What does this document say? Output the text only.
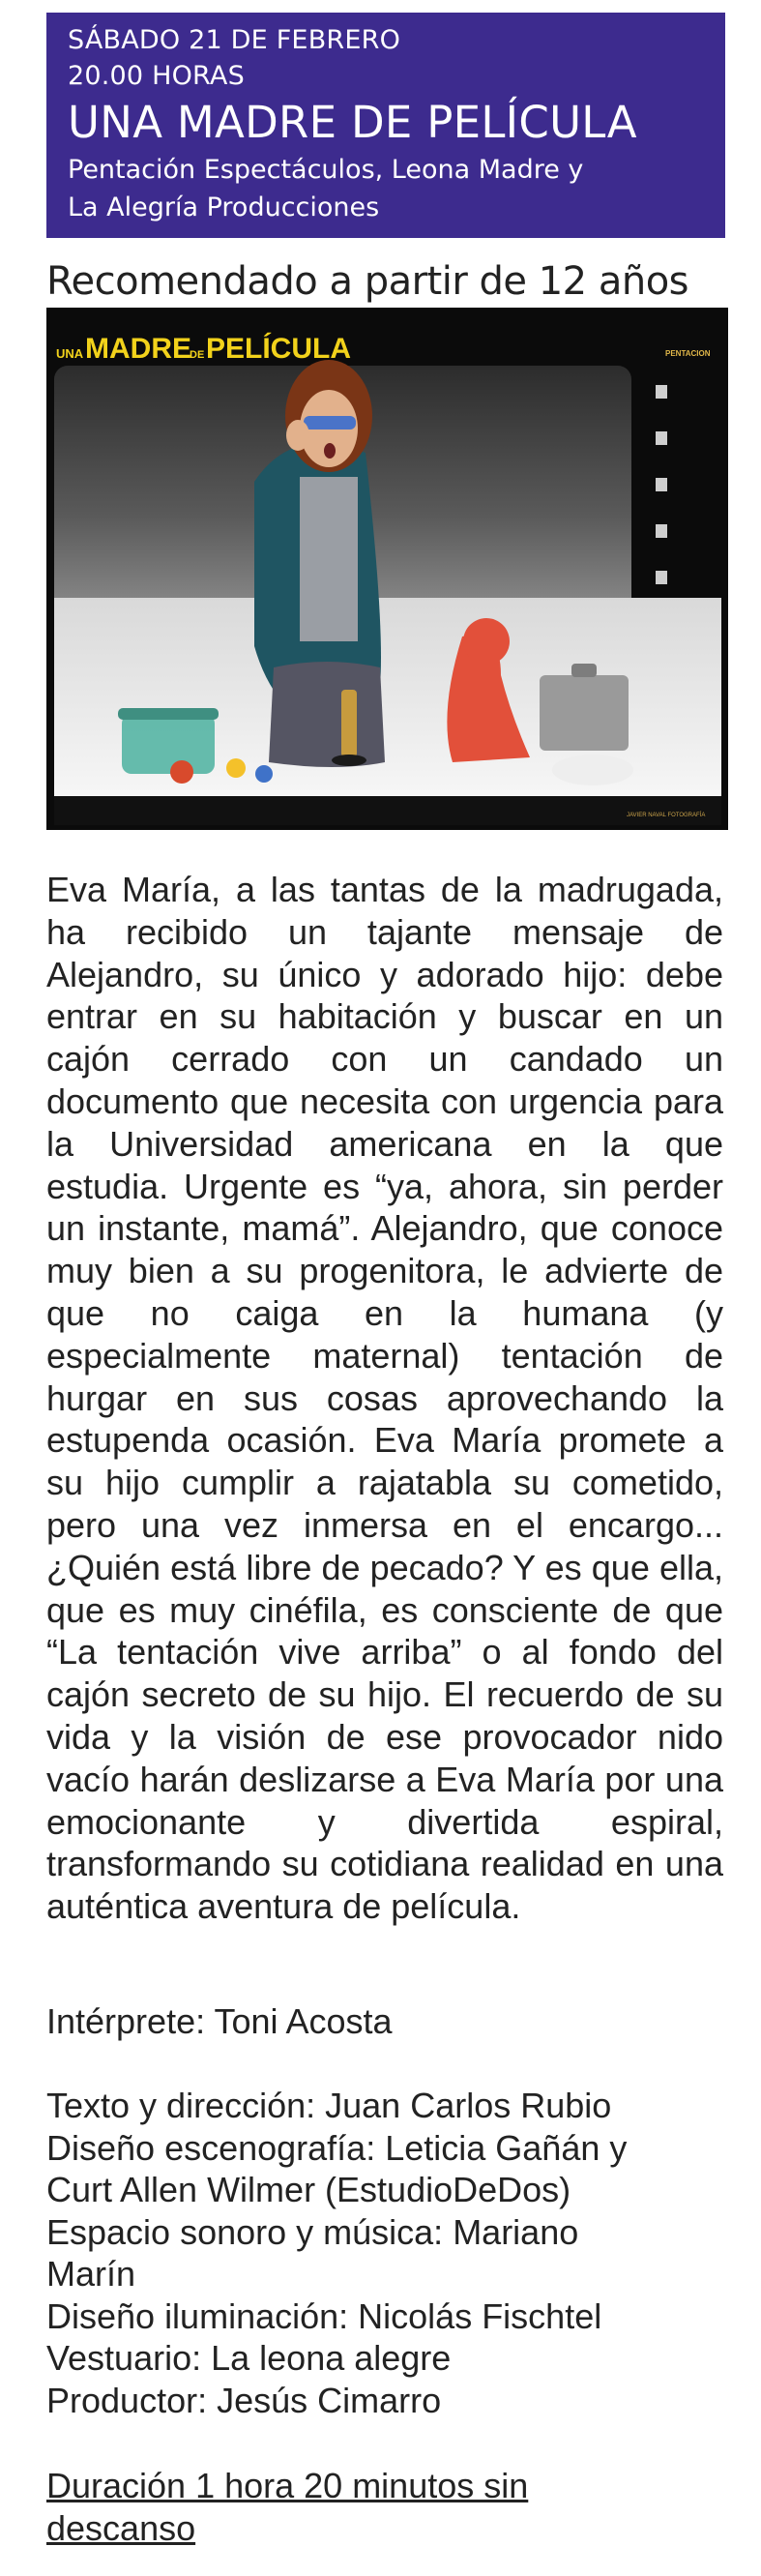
SÁBADO 21 DE FEBRERO
20.00 HORAS
UNA MADRE DE PELÍCULA
Pentación Espectáculos, Leona Madre y
La Alegría Producciones
Recomendado a partir de 12 años
UNA MADRE
DE PELÍCULA	PENTACION
JAVIER NAVAL FOTOGRAFÍA

Eva María, a las tantas de la madrugada, ha recibido un tajante mensaje de Alejandro, su único y adorado hijo: debe entrar en su habitación y buscar en un cajón cerrado con un candado un documento que necesita con urgencia para la Universidad americana en la que estudia. Urgente es “ya, ahora, sin perder un instante, mamá”. Alejandro, que conoce muy bien a su progenitora, le advierte de que no caiga en la humana (y especialmente maternal) tentación de hurgar en sus cosas aprovechando la estupenda ocasión. Eva María promete a su hijo cumplir a rajatabla su cometido, pero una vez inmersa en el encargo... ¿Quién está libre de pecado? Y es que ella, que es muy cinéfila, es consciente de que “La tentación vive arriba” o al fondo del cajón secreto de su hijo. El recuerdo de su vida y la visión de ese provocador nido vacío harán deslizarse a Eva María por una emocionante y divertida espiral, transformando su cotidiana realidad en una auténtica aventura de película.

Intérprete: Toni Acosta
Texto y dirección: Juan Carlos Rubio
Diseño escenografía: Leticia Gañán y
Curt Allen Wilmer (EstudioDeDos)
Espacio sonoro y música: Mariano
Marín
Diseño iluminación: Nicolás Fischtel
Vestuario: La leona alegre
Productor: Jesús Cimarro
Duración 1 hora 20 minutos sin
descanso
